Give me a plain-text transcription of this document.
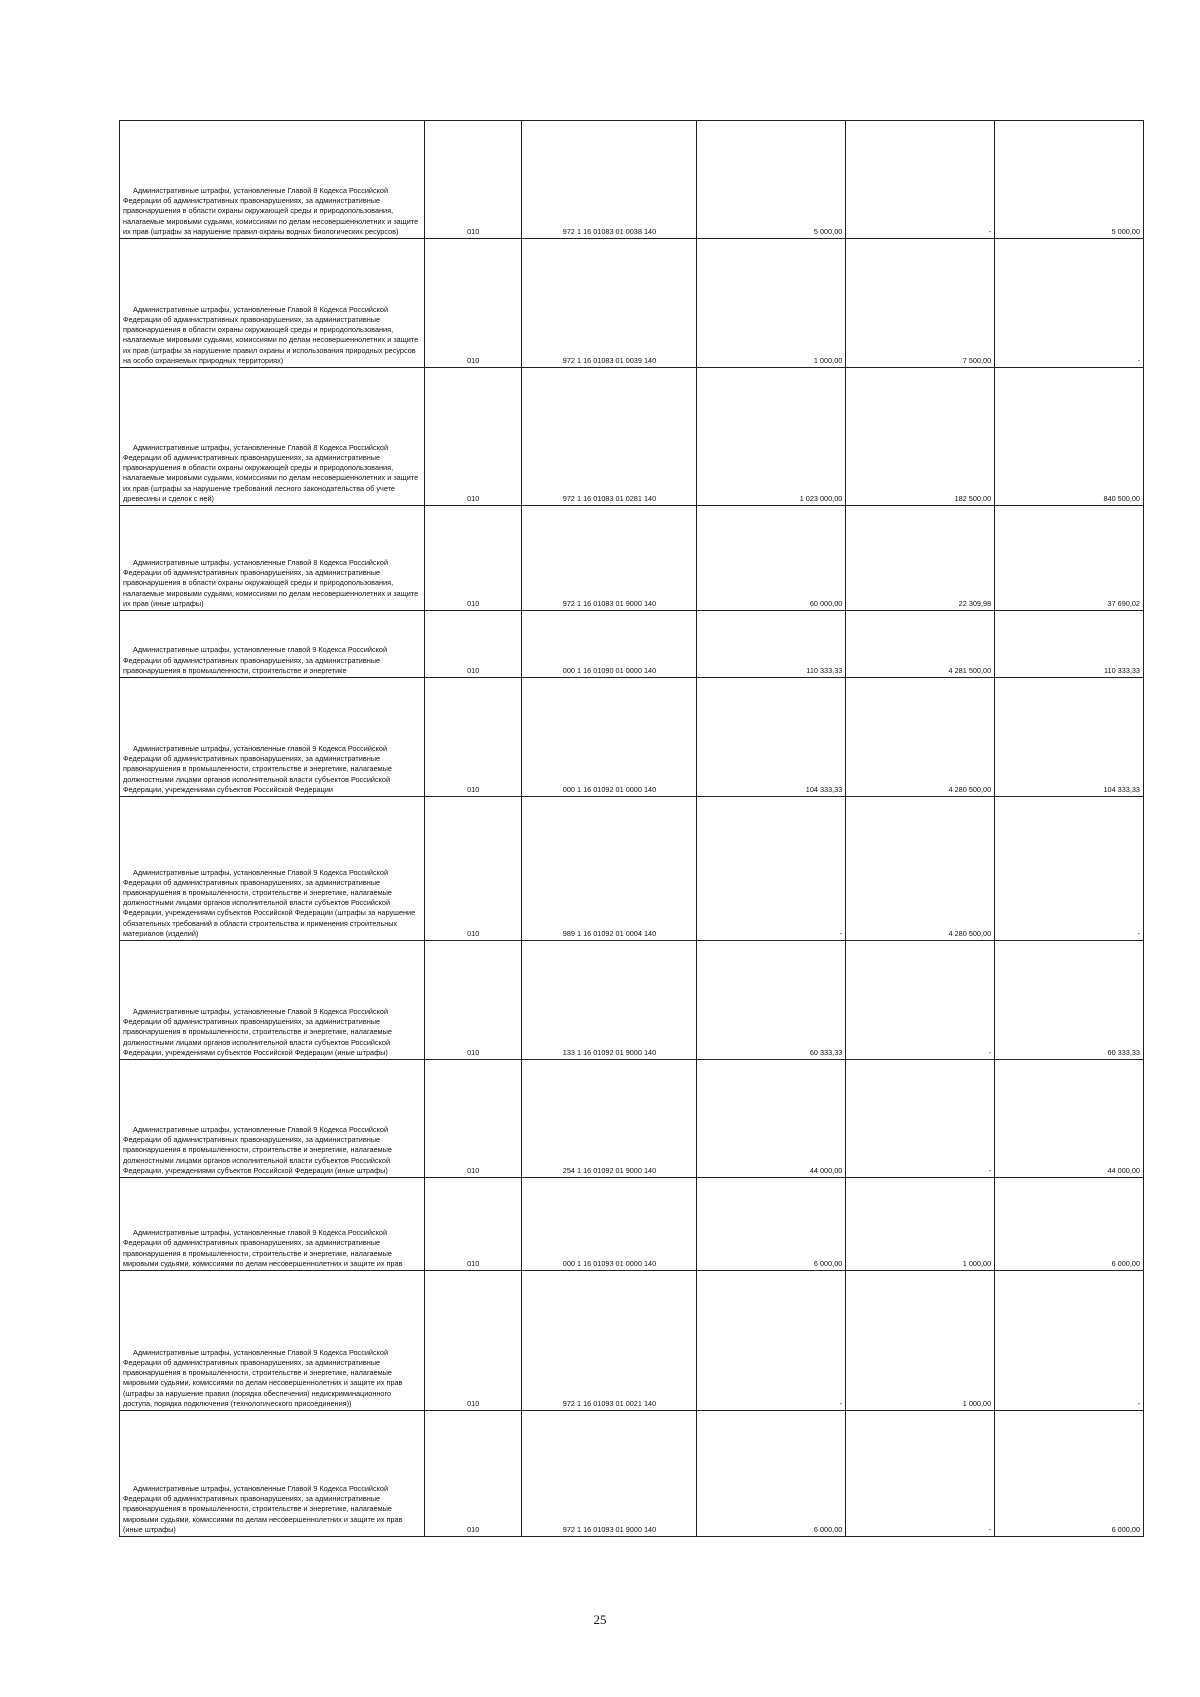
Административные штрафы, установленные Главой 8 Кодекса Российской Федерации об административных правонарушениях, за административные правонарушения в области охраны окружающей среды и природопользования, налагаемые мировыми судьями, комиссиями по делам несовершеннолетних и защите их прав (штрафы за нарушение правил охраны водных биологических ресурсов)	010	972 1 16 01083 01 0038 140	5 000,00	-	5 000,00
Административные штрафы, установленные Главой 8 Кодекса Российской Федерации об административных правонарушениях, за административные правонарушения в области охраны окружающей среды и природопользования, налагаемые мировыми судьями, комиссиями по делам несовершеннолетних и защите их прав (штрафы за нарушение правил охраны и использования природных ресурсов на особо охраняемых природных территориях)	010	972 1 16 01083 01 0039 140	1 000,00	7 500,00	-
Административные штрафы, установленные Главой 8 Кодекса Российской Федерации об административных правонарушениях, за административные правонарушения в области охраны окружающей среды и природопользования, налагаемые мировыми судьями, комиссиями по делам несовершеннолетних и защите их прав (штрафы за нарушение требований лесного законодательства об учете древесины и сделок с ней)	010	972 1 16 01083 01 0281 140	1 023 000,00	182 500,00	840 500,00
Административные штрафы, установленные Главой 8 Кодекса Российской Федерации об административных правонарушениях, за административные правонарушения в области охраны окружающей среды и природопользования, налагаемые мировыми судьями, комиссиями по делам несовершеннолетних и защите их прав (иные штрафы)	010	972 1 16 01083 01 9000 140	60 000,00	22 309,98	37 690,02
Административные штрафы, установленные главой 9 Кодекса Российской Федерации об административных правонарушениях, за административные правонарушения в промышленности, строительстве и энергетике	010	000 1 16 01090 01 0000 140	110 333,33	4 281 500,00	110 333,33
Административные штрафы, установленные главой 9 Кодекса Российской Федерации об административных правонарушениях, за административные правонарушения в промышленности, строительстве и энергетике, налагаемые должностными лицами органов исполнительной власти субъектов Российской Федерации, учреждениями субъектов Российской Федерации	010	000 1 16 01092 01 0000 140	104 333,33	4 280 500,00	104 333,33
Административные штрафы, установленные Главой 9 Кодекса Российской Федерации об административных правонарушениях, за административные правонарушения в промышленности, строительстве и энергетике, налагаемые должностными лицами органов исполнительной власти субъектов Российской Федерации, учреждениями субъектов Российской Федерации (штрафы за нарушение обязательных требований в области строительства и применения строительных материалов (изделий)	010	989 1 16 01092 01 0004 140	-	4 280 500,00	-
Административные штрафы, установленные Главой 9 Кодекса Российской Федерации об административных правонарушениях, за административные правонарушения в промышленности, строительстве и энергетике, налагаемые должностными лицами органов исполнительной власти субъектов Российской Федерации, учреждениями субъектов Российской Федерации (иные штрафы)	010	133 1 16 01092 01 9000 140	60 333,33	-	60 333,33
Административные штрафы, установленные Главой 9 Кодекса Российской Федерации об административных правонарушениях, за административные правонарушения в промышленности, строительстве и энергетике, налагаемые должностными лицами органов исполнительной власти субъектов Российской Федерации, учреждениями субъектов Российской Федерации (иные штрафы)	010	254 1 16 01092 01 9000 140	44 000,00	-	44 000,00
Административные штрафы, установленные главой 9 Кодекса Российской Федерации об административных правонарушениях, за административные правонарушения в промышленности, строительстве и энергетике, налагаемые мировыми судьями, комиссиями по делам несовершеннолетних и защите их прав	010	000 1 16 01093 01 0000 140	6 000,00	1 000,00	6 000,00
Административные штрафы, установленные Главой 9 Кодекса Российской Федерации об административных правонарушениях, за административные правонарушения в промышленности, строительстве и энергетике, налагаемые мировыми судьями, комиссиями по делам несовершеннолетних и защите их прав (штрафы за нарушение правил (порядка обеспечения) недискриминационного доступа, порядка подключения (технологического присоединения))	010	972 1 16 01093 01 0021 140	-	1 000,00	-
Административные штрафы, установленные Главой 9 Кодекса Российской Федерации об административных правонарушениях, за административные правонарушения в промышленности, строительстве и энергетике, налагаемые мировыми судьями, комиссиями по делам несовершеннолетних и защите их прав (иные штрафы)	010	972 1 16 01093 01 9000 140	6 000,00	-	6 000,00
25
